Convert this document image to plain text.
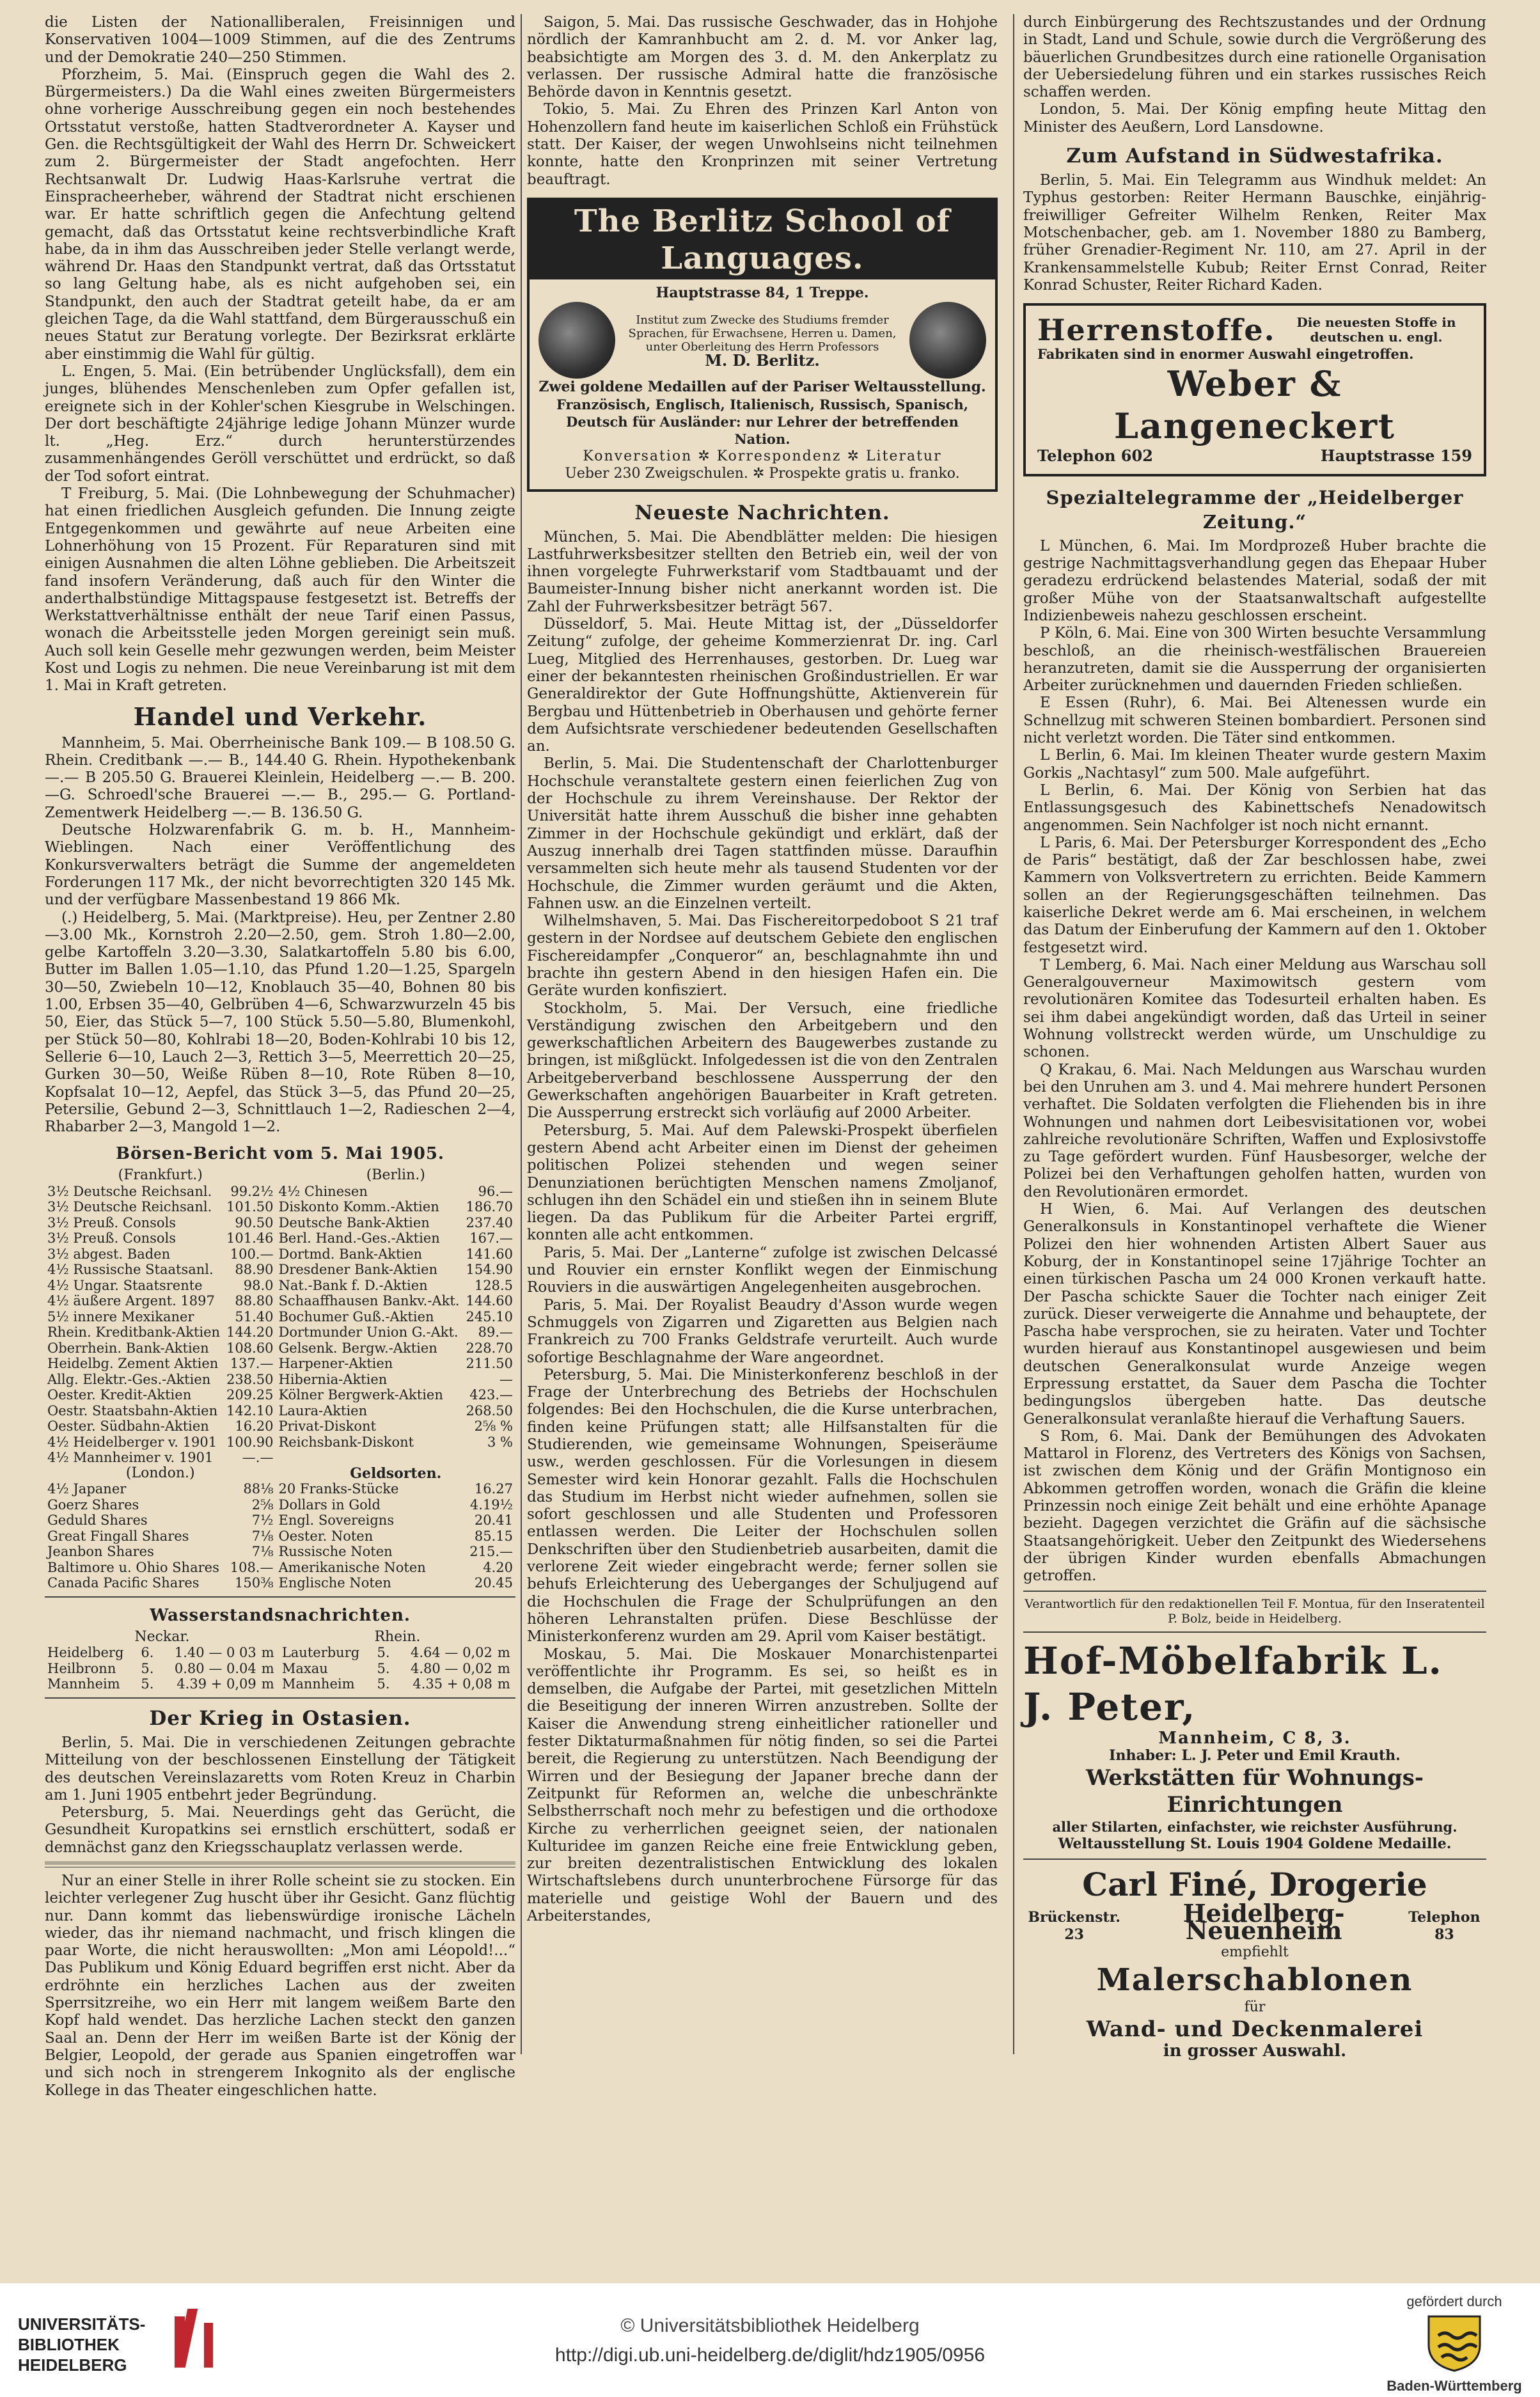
die Listen der Nationalliberalen, Freisinnigen und Konservativen 1004—1009 Stimmen, auf die des Zentrums und der Demokratie 240—250 Stimmen.

Pforzheim, 5. Mai. (Einspruch gegen die Wahl des 2. Bürgermeisters.) Da die Wahl eines zweiten Bürgermeisters ohne vorherige Ausschreibung gegen ein noch bestehendes Ortsstatut verstoße, hatten Stadtverordneter A. Kayser und Gen. die Rechtsgültigkeit der Wahl des Herrn Dr. Schweickert zum 2. Bürgermeister der Stadt angefochten. Herr Rechtsanwalt Dr. Ludwig Haas-Karlsruhe vertrat die Einspracheerheber, während der Stadtrat nicht erschienen war. Er hatte schriftlich gegen die Anfechtung geltend gemacht, daß das Ortsstatut keine rechtsverbindliche Kraft habe, da in ihm das Ausschreiben jeder Stelle verlangt werde, während Dr. Haas den Standpunkt vertrat, daß das Ortsstatut so lang Geltung habe, als es nicht aufgehoben sei, ein Standpunkt, den auch der Stadtrat geteilt habe, da er am gleichen Tage, da die Wahl stattfand, dem Bürgerausschuß ein neues Statut zur Beratung vorlegte. Der Bezirksrat erklärte aber einstimmig die Wahl für gültig.

L. Engen, 5. Mai. (Ein betrübender Unglücksfall), dem ein junges, blühendes Menschenleben zum Opfer gefallen ist, ereignete sich in der Kohler'schen Kiesgrube in Welschingen. Der dort beschäftigte 24jährige ledige Johann Münzer wurde lt. „Heg. Erz.“ durch herunterstürzendes zusammenhängendes Geröll verschüttet und erdrückt, so daß der Tod sofort eintrat.

T Freiburg, 5. Mai. (Die Lohnbewegung der Schuhmacher) hat einen friedlichen Ausgleich gefunden. Die Innung zeigte Entgegenkommen und gewährte auf neue Arbeiten eine Lohnerhöhung von 15 Prozent. Für Reparaturen sind mit einigen Ausnahmen die alten Löhne geblieben. Die Arbeitszeit fand insofern Veränderung, daß auch für den Winter die anderthalbstündige Mittagspause festgesetzt ist. Betreffs der Werkstattverhältnisse enthält der neue Tarif einen Passus, wonach die Arbeitsstelle jeden Morgen gereinigt sein muß. Auch soll kein Geselle mehr gezwungen werden, beim Meister Kost und Logis zu nehmen. Die neue Vereinbarung ist mit dem 1. Mai in Kraft getreten.

Handel und Verkehr.

Mannheim, 5. Mai. Oberrheinische Bank 109.— B 108.50 G. Rhein. Creditbank —.— B., 144.40 G. Rhein. Hypothekenbank —.— B 205.50 G. Brauerei Kleinlein, Heidelberg —.— B. 200.—G. Schroedl'sche Brauerei —.— B., 295.— G. Portland-Zementwerk Heidelberg —.— B. 136.50 G.

Deutsche Holzwarenfabrik G. m. b. H., Mannheim-Wieblingen. Nach einer Veröffentlichung des Konkursverwalters beträgt die Summe der angemeldeten Forderungen 117 Mk., der nicht bevorrechtigten 320 145 Mk. und der verfügbare Massenbestand 19 866 Mk.

(.) Heidelberg, 5. Mai. (Marktpreise). Heu, per Zentner 2.80—3.00 Mk., Kornstroh 2.20—2.50, gem. Stroh 1.80—2.00, gelbe Kartoffeln 3.20—3.30, Salatkartoffeln 5.80 bis 6.00, Butter im Ballen 1.05—1.10, das Pfund 1.20—1.25, Spargeln 30—50, Zwiebeln 10—12, Knoblauch 35—40, Bohnen 80 bis 1.00, Erbsen 35—40, Gelbrüben 4—6, Schwarzwurzeln 45 bis 50, Eier, das Stück 5—7, 100 Stück 5.50—5.80, Blumenkohl, per Stück 50—80, Kohlrabi 18—20, Boden-Kohlrabi 10 bis 12, Sellerie 6—10, Lauch 2—3, Rettich 3—5, Meerrettich 20—25, Gurken 30—50, Weiße Rüben 8—10, Rote Rüben 8—10, Kopfsalat 10—12, Aepfel, das Stück 3—5, das Pfund 20—25, Petersilie, Gebund 2—3, Schnittlauch 1—2, Radieschen 2—4, Rhabarber 2—3, Mangold 1—2.

Börsen-Bericht vom 5. Mai 1905.
(Frankfurt.)		(Berlin.)	
3½ Deutsche Reichsanl.	99.2½	4½ Chinesen	96.—
3½ Deutsche Reichsanl.	101.50	Diskonto Komm.-Aktien	186.70
3½ Preuß. Consols	90.50	Deutsche Bank-Aktien	237.40
3½ Preuß. Consols	101.46	Berl. Hand.-Ges.-Aktien	167.—
3½ abgest. Baden	100.—	Dortmd. Bank-Aktien	141.60
4½ Russische Staatsanl.	88.90	Dresdener Bank-Aktien	154.90
4½ Ungar. Staatsrente	98.0	Nat.-Bank f. D.-Aktien	128.5
4½ äußere Argent. 1897	88.80	Schaaffhausen Bankv.-Akt.	144.60
5½ innere Mexikaner	51.40	Bochumer Guß.-Aktien	245.10
Rhein. Kreditbank-Aktien	144.20	Dortmunder Union G.-Akt.	89.—
Oberrhein. Bank-Aktien	108.60	Gelsenk. Bergw.-Aktien	228.70
Heidelbg. Zement Aktien	137.—	Harpener-Aktien	211.50
Allg. Elektr.-Ges.-Aktien	238.50	Hibernia-Aktien	—
Oester. Kredit-Aktien	209.25	Kölner Bergwerk-Aktien	423.—
Oestr. Staatsbahn-Aktien	142.10	Laura-Aktien	268.50
Oester. Südbahn-Aktien	16.20	Privat-Diskont	2⅝ %
4½ Heidelberger v. 1901	100.90	Reichsbank-Diskont	3 %
4½ Mannheimer v. 1901	—.—		
(London.)		Geldsorten.	
4½ Japaner	88⅛	20 Franks-Stücke	16.27
Goerz Shares	2⅝	Dollars in Gold	4.19½
Geduld Shares	7½	Engl. Sovereigns	20.41
Great Fingall Shares	7⅛	Oester. Noten	85.15
Jeanbon Shares	7⅛	Russische Noten	215.—
Baltimore u. Ohio Shares	108.—	Amerikanische Noten	4.20
Canada Pacific Shares	150⅜	Englische Noten	20.45
Wasserstandsnachrichten.
Neckar.				Rhein.			
Heidelberg	6.	1.40 — 0 03	m	Lauterburg	5.	4.64 — 0,02	m
Heilbronn	5.	0.80 — 0.04	m	Maxau	5.	4.80 — 0,02	m
Mannheim	5.	4.39 + 0,09	m	Mannheim	5.	4.35 + 0,08	m
Der Krieg in Ostasien.

Berlin, 5. Mai. Die in verschiedenen Zeitungen gebrachte Mitteilung von der beschlossenen Einstellung der Tätigkeit des deutschen Vereinslazaretts vom Roten Kreuz in Charbin am 1. Juni 1905 entbehrt jeder Begründung.

Petersburg, 5. Mai. Neuerdings geht das Gerücht, die Gesundheit Kuropatkins sei ernstlich erschüttert, sodaß er demnächst ganz den Kriegsschauplatz verlassen werde.

Nur an einer Stelle in ihrer Rolle scheint sie zu stocken. Ein leichter verlegener Zug huscht über ihr Gesicht. Ganz flüchtig nur. Dann kommt das liebenswürdige ironische Lächeln wieder, das ihr niemand nachmacht, und frisch klingen die paar Worte, die nicht herauswollten: „Mon ami Léopold!...“ Das Publikum und König Eduard begriffen erst nicht. Aber da erdröhnte ein herzliches Lachen aus der zweiten Sperrsitzreihe, wo ein Herr mit langem weißem Barte den Kopf hald wendet. Das herzliche Lachen steckt den ganzen Saal an. Denn der Herr im weißen Barte ist der König der Belgier, Leopold, der gerade aus Spanien eingetroffen war und sich noch in strengerem Inkognito als der englische Kollege in das Theater eingeschlichen hatte.

Saigon, 5. Mai. Das russische Geschwader, das in Hohjohe nördlich der Kamranhbucht am 2. d. M. vor Anker lag, beabsichtigte am Morgen des 3. d. M. den Ankerplatz zu verlassen. Der russische Admiral hatte die französische Behörde davon in Kenntnis gesetzt.

Tokio, 5. Mai. Zu Ehren des Prinzen Karl Anton von Hohenzollern fand heute im kaiserlichen Schloß ein Frühstück statt. Der Kaiser, der wegen Unwohlseins nicht teilnehmen konnte, hatte den Kronprinzen mit seiner Vertretung beauftragt.

The Berlitz School of Languages.
Hauptstrasse 84, 1 Treppe.
Institut zum Zwecke des Studiums fremder Sprachen, für Erwachsene, Herren u. Damen, unter Oberleitung des Herrn Professors
M. D. Berlitz.
Zwei goldene Medaillen auf der Pariser Weltausstellung.
Französisch, Englisch, Italienisch, Russisch, Spanisch, Deutsch für Ausländer: nur Lehrer der betreffenden Nation.
Konversation ✲ Korrespondenz ✲ Literatur
Ueber 230 Zweigschulen. ✲ Prospekte gratis u. franko.
Neueste Nachrichten.

München, 5. Mai. Die Abendblätter melden: Die hiesigen Lastfuhrwerksbesitzer stellten den Betrieb ein, weil der von ihnen vorgelegte Fuhrwerkstarif vom Stadtbauamt und der Baumeister-Innung bisher nicht anerkannt worden ist. Die Zahl der Fuhrwerksbesitzer beträgt 567.

Düsseldorf, 5. Mai. Heute Mittag ist, der „Düsseldorfer Zeitung“ zufolge, der geheime Kommerzienrat Dr. ing. Carl Lueg, Mitglied des Herrenhauses, gestorben. Dr. Lueg war einer der bekanntesten rheinischen Großindustriellen. Er war Generaldirektor der Gute Hoffnungshütte, Aktienverein für Bergbau und Hüttenbetrieb in Oberhausen und gehörte ferner dem Aufsichtsrate verschiedener bedeutenden Gesellschaften an.

Berlin, 5. Mai. Die Studentenschaft der Charlottenburger Hochschule veranstaltete gestern einen feierlichen Zug von der Hochschule zu ihrem Vereinshause. Der Rektor der Universität hatte ihrem Ausschuß die bisher inne gehabten Zimmer in der Hochschule gekündigt und erklärt, daß der Auszug innerhalb drei Tagen stattfinden müsse. Daraufhin versammelten sich heute mehr als tausend Studenten vor der Hochschule, die Zimmer wurden geräumt und die Akten, Fahnen usw. an die Einzelnen verteilt.

Wilhelmshaven, 5. Mai. Das Fischereitorpedoboot S 21 traf gestern in der Nordsee auf deutschem Gebiete den englischen Fischereidampfer „Conqueror“ an, beschlagnahmte ihn und brachte ihn gestern Abend in den hiesigen Hafen ein. Die Geräte wurden konfisziert.

Stockholm, 5. Mai. Der Versuch, eine friedliche Verständigung zwischen den Arbeitgebern und den gewerkschaftlichen Arbeitern des Baugewerbes zustande zu bringen, ist mißglückt. Infolgedessen ist die von den Zentralen Arbeitgeberverband beschlossene Aussperrung der den Gewerkschaften angehörigen Bauarbeiter in Kraft getreten. Die Aussperrung erstreckt sich vorläufig auf 2000 Arbeiter.

Petersburg, 5. Mai. Auf dem Palewski-Prospekt überfielen gestern Abend acht Arbeiter einen im Dienst der geheimen politischen Polizei stehenden und wegen seiner Denunziationen berüchtigten Menschen namens Zmoljanof, schlugen ihn den Schädel ein und stießen ihn in seinem Blute liegen. Da das Publikum für die Arbeiter Partei ergriff, konnten alle acht entkommen.

Paris, 5. Mai. Der „Lanterne“ zufolge ist zwischen Delcassé und Rouvier ein ernster Konflikt wegen der Einmischung Rouviers in die auswärtigen Angelegenheiten ausgebrochen.

Paris, 5. Mai. Der Royalist Beaudry d'Asson wurde wegen Schmuggels von Zigarren und Zigaretten aus Belgien nach Frankreich zu 700 Franks Geldstrafe verurteilt. Auch wurde sofortige Beschlagnahme der Ware angeordnet.

Petersburg, 5. Mai. Die Ministerkonferenz beschloß in der Frage der Unterbrechung des Betriebs der Hochschulen folgendes: Bei den Hochschulen, die die Kurse unterbrachen, finden keine Prüfungen statt; alle Hilfsanstalten für die Studierenden, wie gemeinsame Wohnungen, Speiseräume usw., werden geschlossen. Für die Vorlesungen in diesem Semester wird kein Honorar gezahlt. Falls die Hochschulen das Studium im Herbst nicht wieder aufnehmen, sollen sie sofort geschlossen und alle Studenten und Professoren entlassen werden. Die Leiter der Hochschulen sollen Denkschriften über den Studienbetrieb ausarbeiten, damit die verlorene Zeit wieder eingebracht werde; ferner sollen sie behufs Erleichterung des Ueberganges der Schuljugend auf die Hochschulen die Frage der Schulprüfungen an den höheren Lehranstalten prüfen. Diese Beschlüsse der Ministerkonferenz wurden am 29. April vom Kaiser bestätigt.

Moskau, 5. Mai. Die Moskauer Monarchistenpartei veröffentlichte ihr Programm. Es sei, so heißt es in demselben, die Aufgabe der Partei, mit gesetzlichen Mitteln die Beseitigung der inneren Wirren anzustreben. Sollte der Kaiser die Anwendung streng einheitlicher rationeller und fester Diktaturmaßnahmen für nötig finden, so sei die Partei bereit, die Regierung zu unterstützen. Nach Beendigung der Wirren und der Besiegung der Japaner breche dann der Zeitpunkt für Reformen an, welche die unbeschränkte Selbstherrschaft noch mehr zu befestigen und die orthodoxe Kirche zu verherrlichen geeignet seien, der nationalen Kulturidee im ganzen Reiche eine freie Entwicklung geben, zur breiten dezentralistischen Entwicklung des lokalen Wirtschaftslebens durch ununterbrochene Fürsorge für das materielle und geistige Wohl der Bauern und des Arbeiterstandes,

durch Einbürgerung des Rechtszustandes und der Ordnung in Stadt, Land und Schule, sowie durch die Vergrößerung des bäuerlichen Grundbesitzes durch eine rationelle Organisation der Uebersiedelung führen und ein starkes russisches Reich schaffen werden.

London, 5. Mai. Der König empfing heute Mittag den Minister des Aeußern, Lord Lansdowne.

Zum Aufstand in Südwestafrika.

Berlin, 5. Mai. Ein Telegramm aus Windhuk meldet: An Typhus gestorben: Reiter Hermann Bauschke, einjährig-freiwilliger Gefreiter Wilhelm Renken, Reiter Max Motschenbacher, geb. am 1. November 1880 zu Bamberg, früher Grenadier-Regiment Nr. 110, am 27. April in der Krankensammelstelle Kubub; Reiter Ernst Conrad, Reiter Konrad Schuster, Reiter Richard Kaden.

Herrenstoffe.	Die neuesten Stoffe in deutschen u. engl.
Fabrikaten sind in enormer Auswahl eingetroffen.
Weber & Langeneckert
Telephon 602	Hauptstrasse 159
Spezialtelegramme der „Heidelberger Zeitung.“

L München, 6. Mai. Im Mordprozeß Huber brachte die gestrige Nachmittagsverhandlung gegen das Ehepaar Huber geradezu erdrückend belastendes Material, sodaß der mit großer Mühe von der Staatsanwaltschaft aufgestellte Indizienbeweis nahezu geschlossen erscheint.

P Köln, 6. Mai. Eine von 300 Wirten besuchte Versammlung beschloß, an die rheinisch-westfälischen Brauereien heranzutreten, damit sie die Aussperrung der organisierten Arbeiter zurücknehmen und dauernden Frieden schließen.

E Essen (Ruhr), 6. Mai. Bei Altenessen wurde ein Schnellzug mit schweren Steinen bombardiert. Personen sind nicht verletzt worden. Die Täter sind entkommen.

L Berlin, 6. Mai. Im kleinen Theater wurde gestern Maxim Gorkis „Nachtasyl“ zum 500. Male aufgeführt.

L Berlin, 6. Mai. Der König von Serbien hat das Entlassungsgesuch des Kabinettschefs Nenadowitsch angenommen. Sein Nachfolger ist noch nicht ernannt.

L Paris, 6. Mai. Der Petersburger Korrespondent des „Echo de Paris“ bestätigt, daß der Zar beschlossen habe, zwei Kammern von Volksvertretern zu errichten. Beide Kammern sollen an der Regierungsgeschäften teilnehmen. Das kaiserliche Dekret werde am 6. Mai erscheinen, in welchem das Datum der Einberufung der Kammern auf den 1. Oktober festgesetzt wird.

T Lemberg, 6. Mai. Nach einer Meldung aus Warschau soll Generalgouverneur Maximowitsch gestern vom revolutionären Komitee das Todesurteil erhalten haben. Es sei ihm dabei angekündigt worden, daß das Urteil in seiner Wohnung vollstreckt werden würde, um Unschuldige zu schonen.

Q Krakau, 6. Mai. Nach Meldungen aus Warschau wurden bei den Unruhen am 3. und 4. Mai mehrere hundert Personen verhaftet. Die Soldaten verfolgten die Fliehenden bis in ihre Wohnungen und nahmen dort Leibesvisitationen vor, wobei zahlreiche revolutionäre Schriften, Waffen und Explosivstoffe zu Tage gefördert wurden. Fünf Hausbesorger, welche der Polizei bei den Verhaftungen geholfen hatten, wurden von den Revolutionären ermordet.

H Wien, 6. Mai. Auf Verlangen des deutschen Generalkonsuls in Konstantinopel verhaftete die Wiener Polizei den hier wohnenden Artisten Albert Sauer aus Koburg, der in Konstantinopel seine 17jährige Tochter an einen türkischen Pascha um 24 000 Kronen verkauft hatte. Der Pascha schickte Sauer die Tochter nach einiger Zeit zurück. Dieser verweigerte die Annahme und behauptete, der Pascha habe versprochen, sie zu heiraten. Vater und Tochter wurden hierauf aus Konstantinopel ausgewiesen und beim deutschen Generalkonsulat wurde Anzeige wegen Erpressung erstattet, da Sauer dem Pascha die Tochter bedingungslos übergeben hatte. Das deutsche Generalkonsulat veranlaßte hierauf die Verhaftung Sauers.

S Rom, 6. Mai. Dank der Bemühungen des Advokaten Mattarol in Florenz, des Vertreters des Königs von Sachsen, ist zwischen dem König und der Gräfin Montignoso ein Abkommen getroffen worden, wonach die Gräfin die kleine Prinzessin noch einige Zeit behält und eine erhöhte Apanage bezieht. Dagegen verzichtet die Gräfin auf die sächsische Staatsangehörigkeit. Ueber den Zeitpunkt des Wiedersehens der übrigen Kinder wurden ebenfalls Abmachungen getroffen.

Verantwortlich für den redaktionellen Teil F. Montua, für den Inseratenteil P. Bolz, beide in Heidelberg.

Hof-Möbelfabrik L. J. Peter,
Mannheim, C 8, 3.
Inhaber: L. J. Peter und Emil Krauth.
Werkstätten für Wohnungs-Einrichtungen
aller Stilarten, einfachster, wie reichster Ausführung.
Weltausstellung St. Louis 1904 Goldene Medaille.
Carl Finé, Drogerie
Brückenstr. 23
Heidelberg-Neuenheim	Telephon 83
empfiehlt
Malerschablonen
für
Wand- und Deckenmalerei
in grosser Auswahl.
UNIVERSITÄTS-
BIBLIOTHEK
HEIDELBERG
© Universitätsbibliothek Heidelberg
http://digi.ub.uni-heidelberg.de/diglit/hdz1905/0956
gefördert durch
Baden-Württemberg
